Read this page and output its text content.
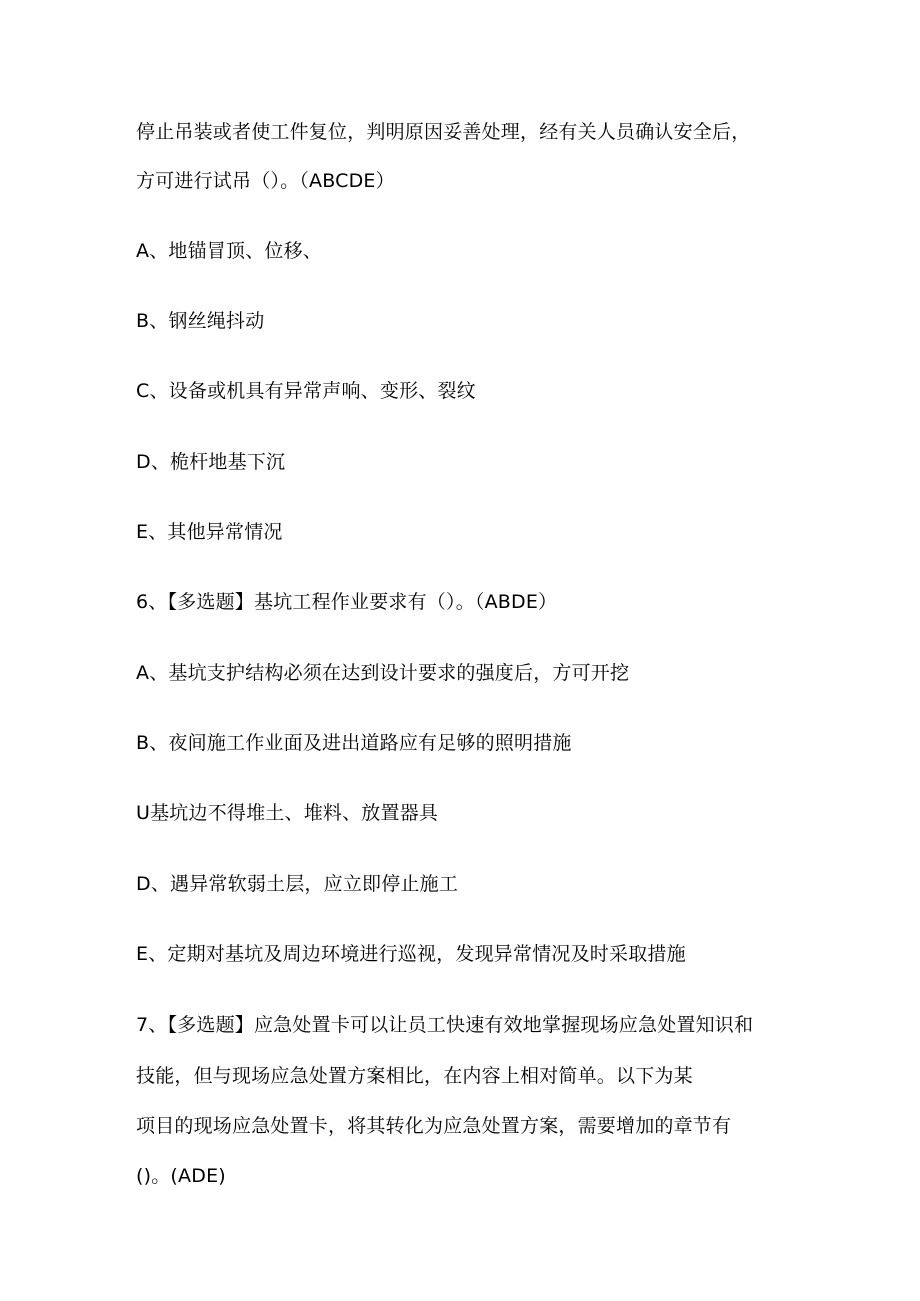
停止吊装或者使工件复位，判明原因妥善处理，经有关人员确认安全后，
方可进行试吊（）。（ABCDE）
A、地锚冒顶、位移、
B、钢丝绳抖动
C、设备或机具有异常声响、变形、裂纹
D、桅杆地基下沉
E、其他异常情况
6、【多选题】基坑工程作业要求有（）。（ABDE）
A、基坑支护结构必须在达到设计要求的强度后，方可开挖
B、夜间施工作业面及进出道路应有足够的照明措施
U基坑边不得堆土、堆料、放置器具
D、遇异常软弱土层，应立即停止施工
E、定期对基坑及周边环境进行巡视，发现异常情况及时采取措施
7、【多选题】应急处置卡可以让员工快速有效地掌握现场应急处置知识和
技能，但与现场应急处置方案相比，在内容上相对简单。以下为某
项目的现场应急处置卡，将其转化为应急处置方案，需要增加的章节有
()。(ADE)
